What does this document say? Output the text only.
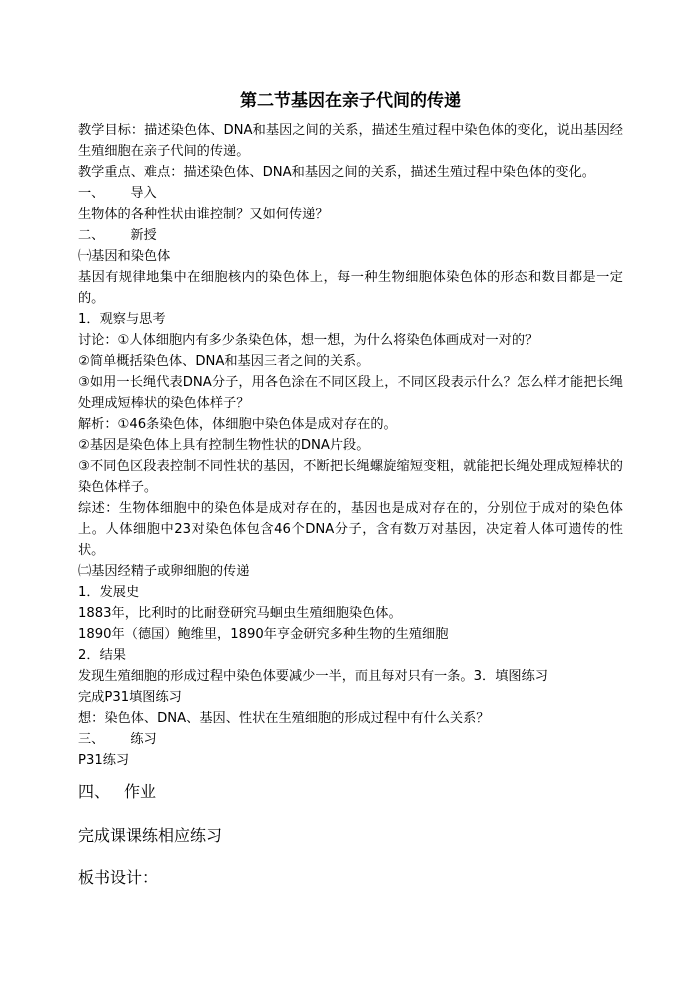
第二节基因在亲子代间的传递

教学目标：描述染色体、DNA和基因之间的关系，描述生殖过程中染色体的变化，说出基因经生殖细胞在亲子代间的传递。

教学重点、难点：描述染色体、DNA和基因之间的关系，描述生殖过程中染色体的变化。

一、 导入

生物体的各种性状由谁控制？又如何传递？

二、 新授

㈠基因和染色体

基因有规律地集中在细胞核内的染色体上，每一种生物细胞体染色体的形态和数目都是一定的。

1．观察与思考

讨论：①人体细胞内有多少条染色体，想一想，为什么将染色体画成对一对的？

②简单概括染色体、DNA和基因三者之间的关系。

③如用一长绳代表DNA分子，用各色涂在不同区段上，不同区段表示什么？怎么样才能把长绳处理成短棒状的染色体样子？

解析：①46条染色体，体细胞中染色体是成对存在的。

②基因是染色体上具有控制生物性状的DNA片段。

③不同色区段表控制不同性状的基因，不断把长绳螺旋缩短变粗，就能把长绳处理成短棒状的染色体样子。

综述：生物体细胞中的染色体是成对存在的，基因也是成对存在的，分别位于成对的染色体上。人体细胞中23对染色体包含46个DNA分子，含有数万对基因，决定着人体可遗传的性状。

㈡基因经精子或卵细胞的传递

1．发展史

1883年，比利时的比耐登研究马蛔虫生殖细胞染色体。

1890年（德国）鲍维里，1890年亨金研究多种生物的生殖细胞

2．结果

发现生殖细胞的形成过程中染色体要减少一半，而且每对只有一条。3．填图练习

完成P31填图练习

想：染色体、DNA、基因、性状在生殖细胞的形成过程中有什么关系？

三、 练习

P31练习

四、 作业

完成课课练相应练习

板书设计：
